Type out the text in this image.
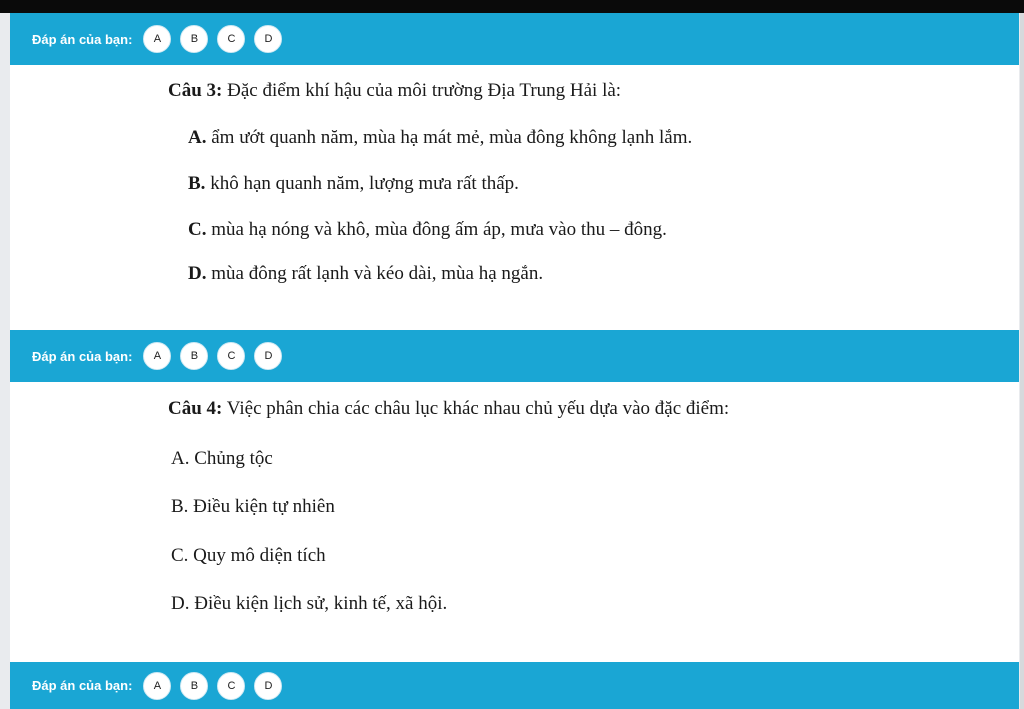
Đáp án của bạn:	A	B	C	D
Câu 3: Đặc điểm khí hậu của môi trường Địa Trung Hải là:
A. ẩm ướt quanh năm, mùa hạ mát mẻ, mùa đông không lạnh lắm.
B. khô hạn quanh năm, lượng mưa rất thấp.
C. mùa hạ nóng và khô, mùa đông ấm áp, mưa vào thu – đông.
D. mùa đông rất lạnh và kéo dài, mùa hạ ngắn.
Đáp án của bạn:	A	B	C	D
Câu 4: Việc phân chia các châu lục khác nhau chủ yếu dựa vào đặc điểm:
A. Chủng tộc
B. Điều kiện tự nhiên
C. Quy mô diện tích
D. Điều kiện lịch sử, kinh tế, xã hội.
Đáp án của bạn:	A	B	C	D
